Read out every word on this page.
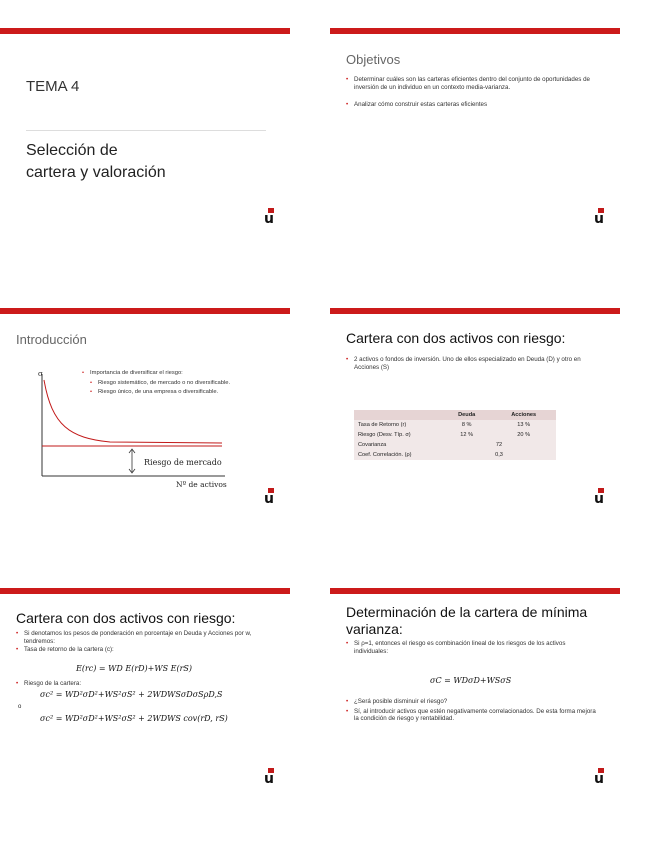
TEMA 4
Selección de
cartera y valoración
u
Objetivos
• Determinar cuáles son las carteras eficientes dentro del conjunto de oportunidades de inversión de un individuo en un contexto media-varianza.
• Analizar cómo construir estas carteras eficientes
u
Introducción
σ
Riesgo de mercado
Nº de activos
• Importancia de diversificar el riesgo:
• Riesgo sistemático, de mercado o no diversificable.
• Riesgo único, de una empresa o diversificable.
u
Cartera con dos activos con riesgo:
• 2 activos o fondos de inversión. Uno de ellos especializado en Deuda (D) y otro en Acciones (S)
	Deuda	Acciones
Tasa de Retorno (r)	8 %	13 %
Riesgo (Desv. Típ. σ)	12 %	20 %
Covarianza	72	
Coef. Correlación. (ρ)	0,3	
u
Cartera con dos activos con riesgo:
• Si denotamos los pesos de ponderación en porcentaje en Deuda y Acciones por w, tendremos:
• Tasa de retorno de la cartera (c):
E(rc) = WD E(rD)+WS E(rS)
• Riesgo de la cartera:
σc² = WD²σD²+WS²σS² + 2WDWSσDσSρD,S
o
σc² = WD²σD²+WS²σS² + 2WDWS cov(rD, rS)
u
Determinación de la cartera de mínima varianza:
• Si ρ=1, entonces el riesgo es combinación lineal de los riesgos de los activos individuales:
σC = WDσD+WSσS
• ¿Será posible disminuir el riesgo?
• Sí, al introducir activos que estén negativamente correlacionados. De esta forma mejora la condición de riesgo y rentabilidad.
u
